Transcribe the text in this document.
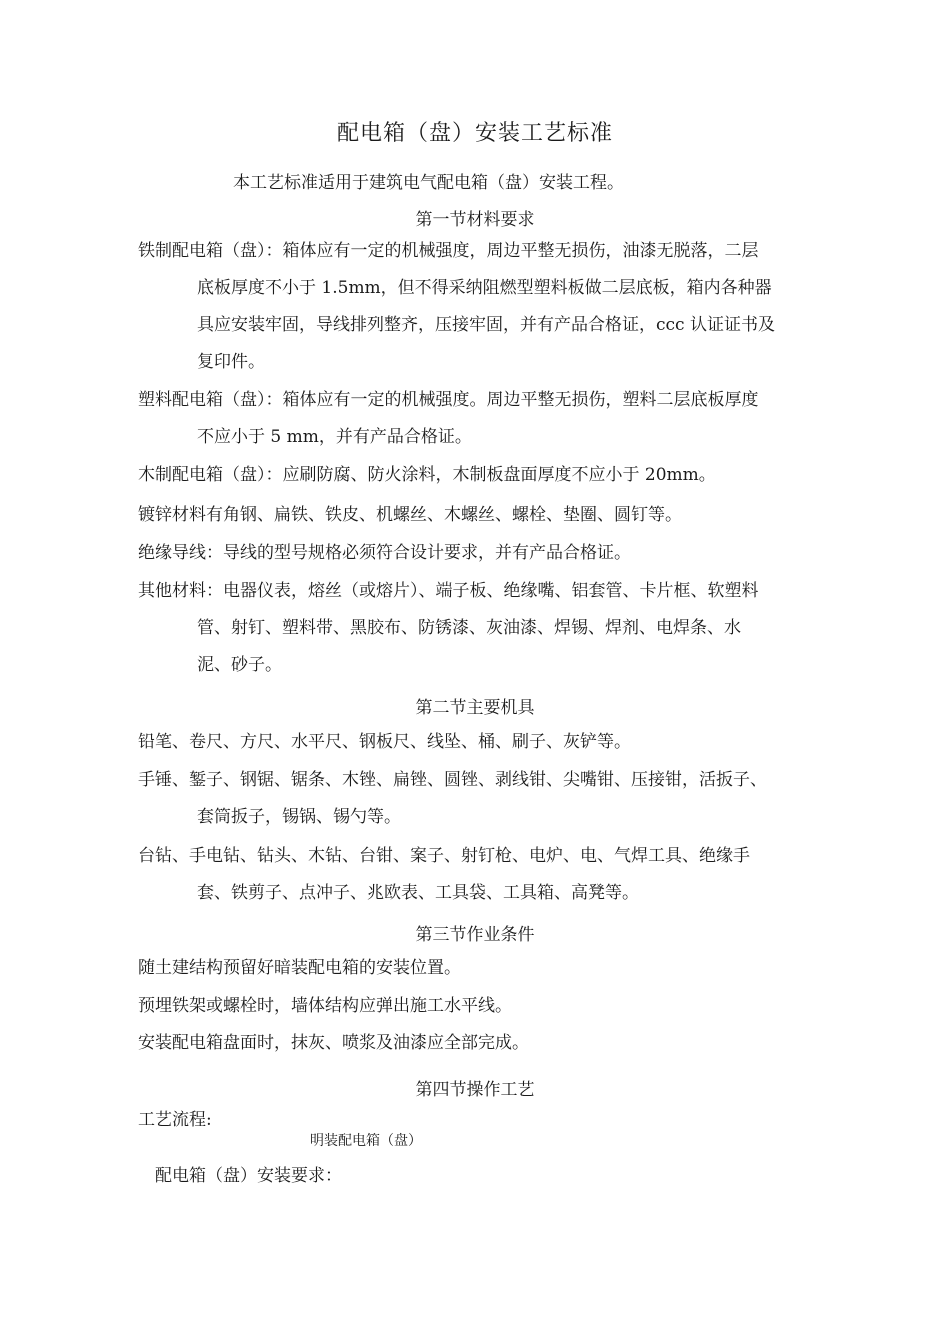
配电箱（盘）安装工艺标准
本工艺标准适用于建筑电气配电箱（盘）安装工程。
第一节材料要求
铁制配电箱（盘）：箱体应有一定的机械强度，周边平整无损伤，油漆无脱落，二层
底板厚度不小于 1.5mm，但不得采纳阻燃型塑料板做二层底板，箱内各种器
具应安装牢固，导线排列整齐，压接牢固，并有产品合格证，ccc 认证证书及
复印件。
塑料配电箱（盘）：箱体应有一定的机械强度。周边平整无损伤，塑料二层底板厚度
不应小于 5 mm，并有产品合格证。
木制配电箱（盘）：应刷防腐、防火涂料，木制板盘面厚度不应小于 20mm。
镀锌材料有角钢、扁铁、铁皮、机螺丝、木螺丝、螺栓、垫圈、圆钉等。
绝缘导线：导线的型号规格必须符合设计要求，并有产品合格证。
其他材料：电器仪表，熔丝（或熔片）、端子板、绝缘嘴、铝套管、卡片框、软塑料
管、射钉、塑料带、黑胶布、防锈漆、灰油漆、焊锡、焊剂、电焊条、水
泥、砂子。
第二节主要机具
铅笔、卷尺、方尺、水平尺、钢板尺、线坠、桶、刷子、灰铲等。
手锤、錾子、钢锯、锯条、木锉、扁锉、圆锉、剥线钳、尖嘴钳、压接钳，活扳子、
套筒扳子，锡锅、锡勺等。
台钻、手电钻、钻头、木钻、台钳、案子、射钉枪、电炉、电、气焊工具、绝缘手
套、铁剪子、点冲子、兆欧表、工具袋、工具箱、高凳等。
第三节作业条件
随土建结构预留好暗装配电箱的安装位置。
预埋铁架或螺栓时，墙体结构应弹出施工水平线。
安装配电箱盘面时，抹灰、喷浆及油漆应全部完成。
第四节操作工艺
工艺流程:
明装配电箱（盘）
配电箱（盘）安装要求：
